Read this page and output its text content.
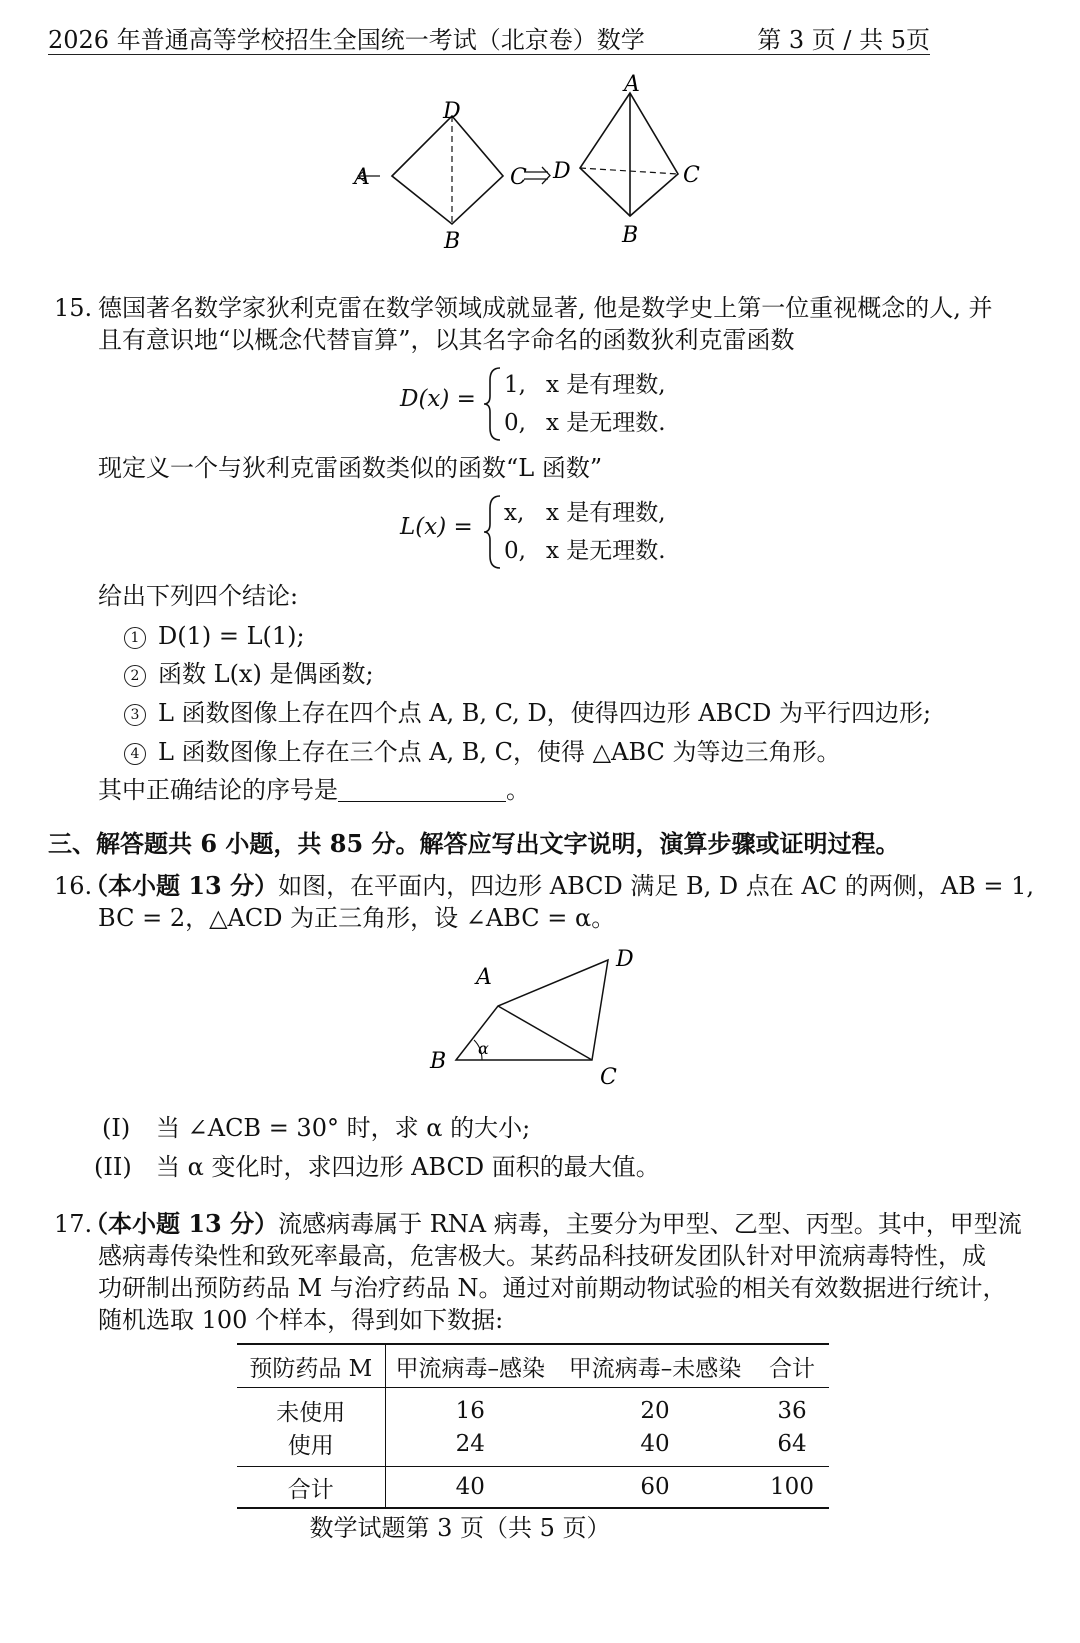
2026 年普通高等学校招生全国统一考试（北京卷）数学	第 3 页 / 共 5页
A
D
B
C D
A
C
B
15. 德国著名数学家狄利克雷在数学领域成就显著, 他是数学史上第一位重视概念的人, 并
且有意识地“以概念代替盲算”，以其名字命名的函数狄利克雷函数
D(x) =
1, x 是有理数,
0, x 是无理数.
现定义一个与狄利克雷函数类似的函数“L 函数”
L(x) =
x, x 是有理数,
0, x 是无理数.
给出下列四个结论:
1 D(1) = L(1);
2 函数 L(x) 是偶函数;
3 L 函数图像上存在四个点 A, B, C, D，使得四边形 ABCD 为平行四边形;
4 L 函数图像上存在三个点 A, B, C，使得 △ABC 为等边三角形。
其中正确结论的序号是	。
三、解答题共 6 小题，共 85 分。解答应写出文字说明，演算步骤或证明过程。
16.
（本小题 13 分）如图，在平面内，四边形 ABCD 满足 B, D 点在 AC 的两侧，AB = 1,
BC = 2，△ACD 为正三角形，设 ∠ABC = α。
A
B
C
D
α
(I) 当 ∠ACB = 30° 时，求 α 的大小;
(II) 当 α 变化时，求四边形 ABCD 面积的最大值。
17.
（本小题 13 分）流感病毒属于 RNA 病毒，主要分为甲型、乙型、丙型。其中，甲型流
感病毒传染性和致死率最高，危害极大。某药品科技研发团队针对甲流病毒特性，成
功研制出预防药品 M 与治疗药品 N。通过对前期动物试验的相关有效数据进行统计，
随机选取 100 个样本，得到如下数据:
预防药品 M	甲流病毒–感染	甲流病毒–未感染	合计
未使用	16	20	36
使用	24	40	64
合计	40	60	100
数学试题第 3 页（共 5 页）
